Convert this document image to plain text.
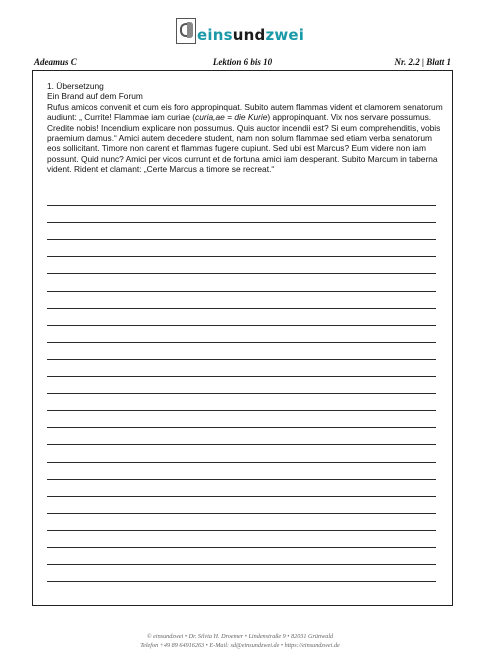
einsundzwei
Adeamus C	Lektion 6 bis 10	Nr. 2.2 | Blatt 1

1. Übersetzung

Ein Brand auf dem Forum

Rufus amicos convenit et cum eis foro appropinquat. Subito autem flammas vident et clamorem senatorum audiunt: „ Currite! Flammae iam curiae (curia,ae = die Kurie) appropinquant. Vix nos servare possumus. Credite nobis! Incendium explicare non possumus. Quis auctor incendii est? Si eum comprehenditis, vobis praemium damus.“ Amici autem decedere student, nam non solum flammae sed etiam verba senatorum eos sollicitant. Timore non carent et flammas fugere cupiunt. Sed ubi est Marcus? Eum videre non iam possunt. Quid nunc? Amici per vicos currunt et de fortuna amici iam desperant. Subito Marcum in taberna vident. Rident et clamant: „Certe Marcus a timore se recreat.“

© einsundzwei • Dr. Silvia H. Droemer • Lindenstraße 9 • 82031 Grünwald
Telefon +49 89 64916263 • E-Mail: sd@einsundzwei.de • https://einsundzwei.de
